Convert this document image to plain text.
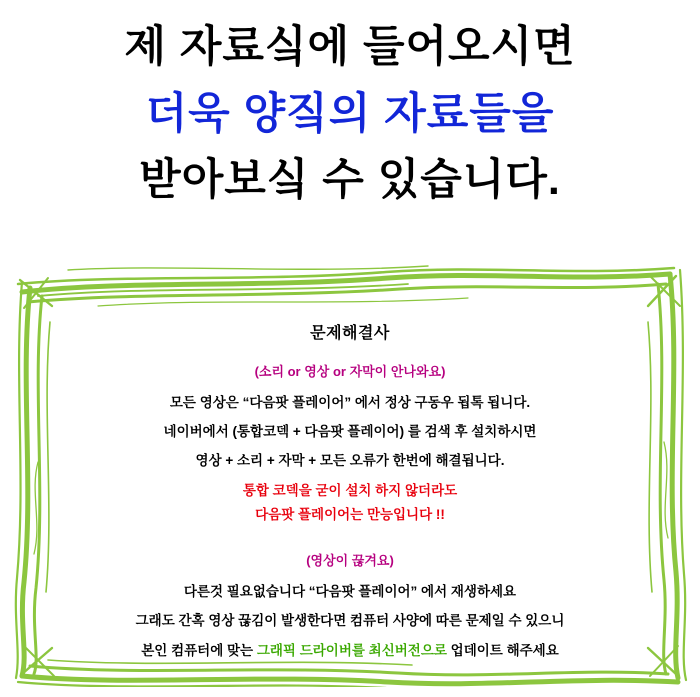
제 자료싴에 들어오시면
더욱 양짘의 자료들을
받아보싴 수 있습니다.
문제해결사
(소리 or 영상 or 자막이 안나와요)
모든 영상은 “다음팟 플레이어” 에서 정상 구동우 됩톡 됩니다.
네이버에서 (통합코덱 + 다음팟 플레이어) 를 검색 후 설치하시면
영상 + 소리 + 자막 + 모든 오류가 한번에 해결됩니다.
통합 코덱을 굳이 설치 하지 않더라도
다음팟 플레이어는 만능입니다 !!
(영상이 끊겨요)
다른것 필요없습니다 “다음팟 플레이어” 에서 재생하세요
그래도 간혹 영상 끊김이 발생한다면 컴퓨터 사양에 따른 문제일 수 있으니
본인 컴퓨터에 맞는 그래픽 드라이버를 최신버전으로 업데이트 해주세요
